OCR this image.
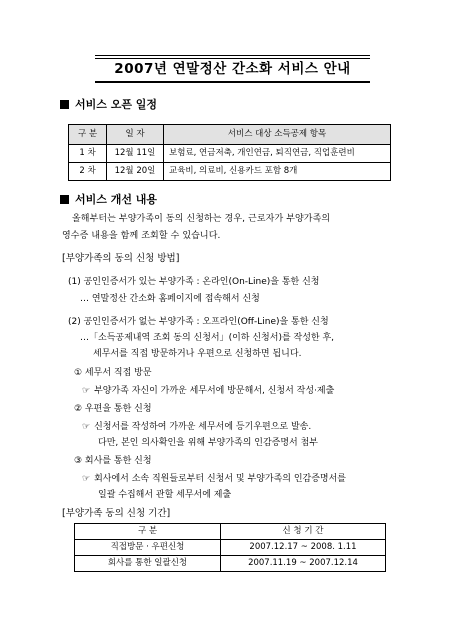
2007년 연말정산 간소화 서비스 안내
서비스 오픈 일정
구 분	일 자	서비스 대상 소득공제 항목
1 차	12월 11일	보험료, 연금저축, 개인연금, 퇴직연금, 직업훈련비
2 차	12월 20일	교육비, 의료비, 신용카드 포함 8개
서비스 개선 내용
올해부터는 부양가족이 동의 신청하는 경우, 근로자가 부양가족의
영수증 내용을 함께 조회할 수 있습니다.
[부양가족의 동의 신청 방법]
(1) 공인인증서가 있는 부양가족 : 온라인(On-Line)을 통한 신청
… 연말정산 간소화 홈페이지에 접속해서 신청
(2) 공인인증서가 없는 부양가족 : 오프라인(Off-Line)을 통한 신청
…「소득공제내역 조회 동의 신청서」(이하 신청서)를 작성한 후,
세무서를 직접 방문하거나 우편으로 신청하면 됩니다.
① 세무서 직접 방문
☞ 부양가족 자신이 가까운 세무서에 방문해서, 신청서 작성·제출
② 우편을 통한 신청
☞ 신청서를 작성하여 가까운 세무서에 등기우편으로 발송.
다만, 본인 의사확인을 위해 부양가족의 인감증명서 첨부
③ 회사를 통한 신청
☞ 회사에서 소속 직원들로부터 신청서 및 부양가족의 인감증명서를
일괄 수집해서 관할 세무서에 제출
[부양가족 동의 신청 기간]
구 분	신 청 기 간
직접방문 · 우편신청	2007.12.17 ~ 2008. 1.11
회사를 통한 일괄신청	2007.11.19 ~ 2007.12.14
